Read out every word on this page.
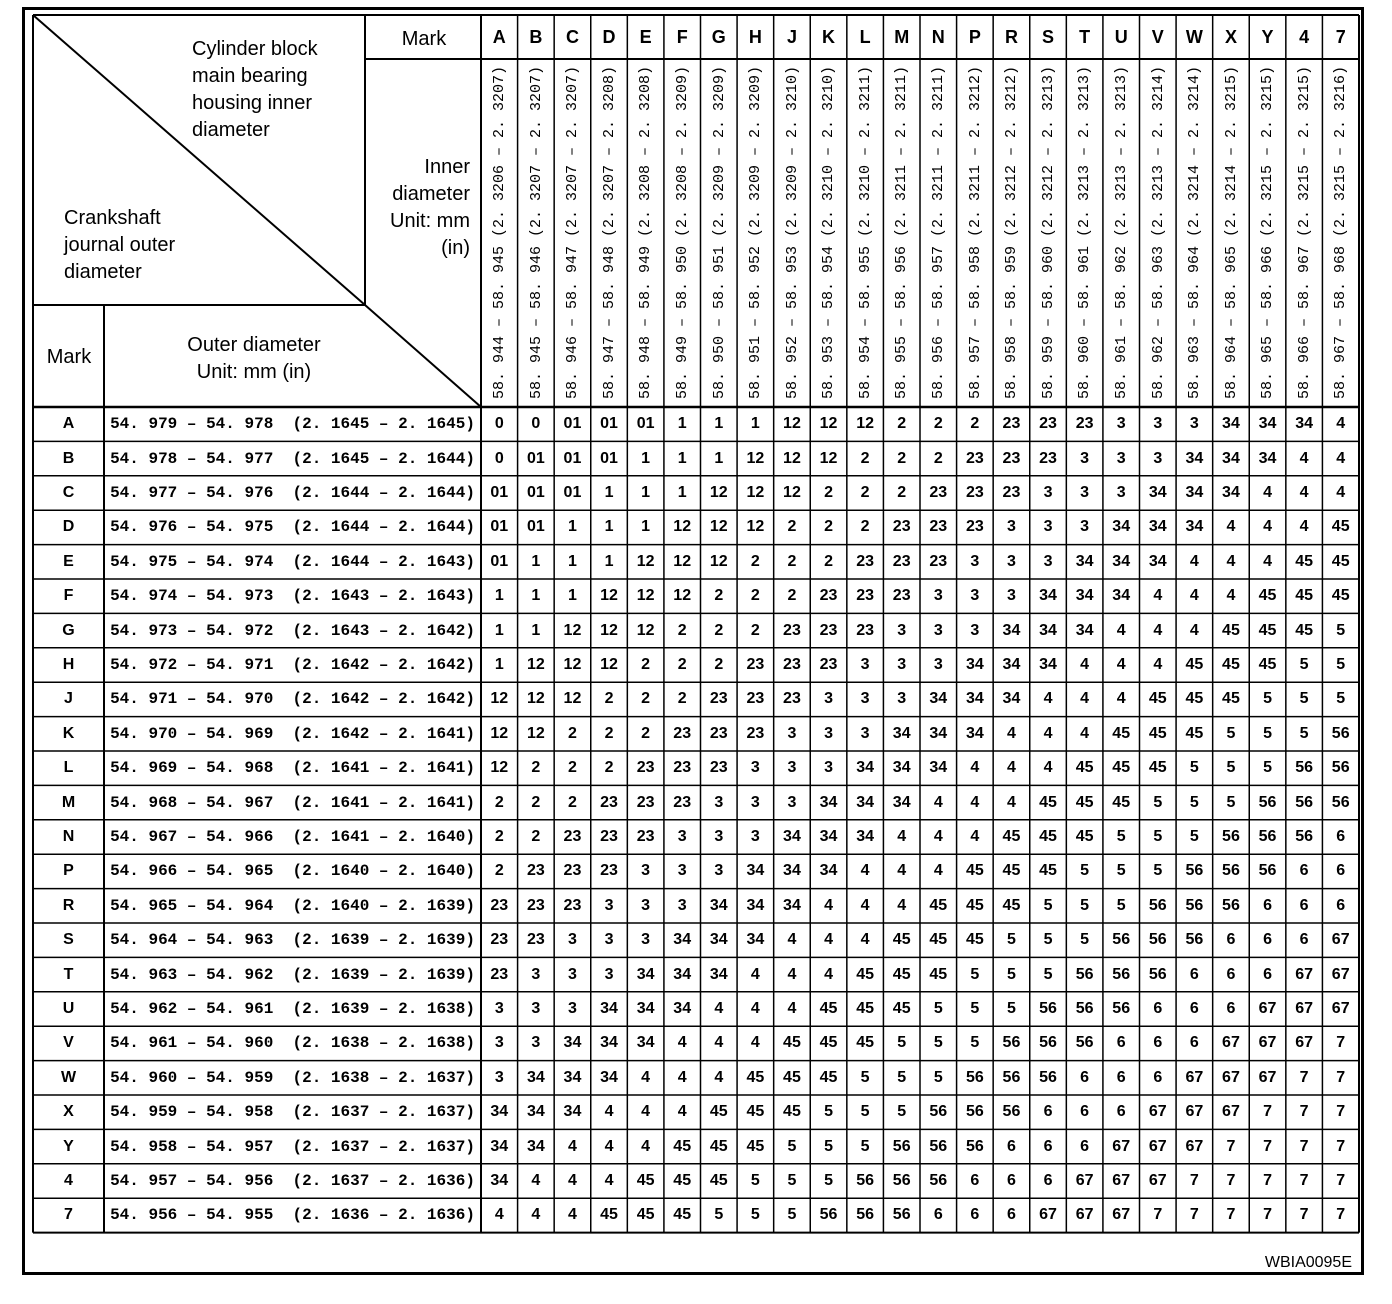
Cylinder block
main bearing
housing inner
diameter
Crankshaft
journal outer
diameter
Mark
Inner
diameter
Unit: mm
(in)
Mark
Outer diameter
Unit: mm (in)
A
58. 944 – 58. 945 (2. 3206 – 2. 3207)
B
58. 945 – 58. 946 (2. 3207 – 2. 3207)
C
58. 946 – 58. 947 (2. 3207 – 2. 3207)
D
58. 947 – 58. 948 (2. 3207 – 2. 3208)
E
58. 948 – 58. 949 (2. 3208 – 2. 3208)
F
58. 949 – 58. 950 (2. 3208 – 2. 3209)
G
58. 950 – 58. 951 (2. 3209 – 2. 3209)
H
58. 951 – 58. 952 (2. 3209 – 2. 3209)
J
58. 952 – 58. 953 (2. 3209 – 2. 3210)
K
58. 953 – 58. 954 (2. 3210 – 2. 3210)
L
58. 954 – 58. 955 (2. 3210 – 2. 3211)
M
58. 955 – 58. 956 (2. 3211 – 2. 3211)
N
58. 956 – 58. 957 (2. 3211 – 2. 3211)
P
58. 957 – 58. 958 (2. 3211 – 2. 3212)
R
58. 958 – 58. 959 (2. 3212 – 2. 3212)
S
58. 959 – 58. 960 (2. 3212 – 2. 3213)
T
58. 960 – 58. 961 (2. 3213 – 2. 3213)
U
58. 961 – 58. 962 (2. 3213 – 2. 3213)
V
58. 962 – 58. 963 (2. 3213 – 2. 3214)
W
58. 963 – 58. 964 (2. 3214 – 2. 3214)
X
58. 964 – 58. 965 (2. 3214 – 2. 3215)
Y
58. 965 – 58. 966 (2. 3215 – 2. 3215)
4
58. 966 – 58. 967 (2. 3215 – 2. 3215)
7
58. 967 – 58. 968 (2. 3215 – 2. 3216)
A	54. 979 – 54. 978  (2. 1645 – 2. 1645)	0	0	01	01	01	1	1	1	12	12	12	2	2	2	23	23	23	3	3	3	34	34	34	4
B	54. 978 – 54. 977  (2. 1645 – 2. 1644)	0	01	01	01	1	1	1	12	12	12	2	2	2	23	23	23	3	3	3	34	34	34	4	4
C	54. 977 – 54. 976  (2. 1644 – 2. 1644) 01	01	01	1	1	1	12	12	12	2	2	2	23	23	23	3	3	3	34	34	34	4	4	4
D	54. 976 – 54. 975  (2. 1644 – 2. 1644) 01	01	1	1	1	12	12	12	2	2	2	23	23	23	3	3	3	34	34	34	4	4	4	45
E	54. 975 – 54. 974  (2. 1644 – 2. 1643) 01	1	1	1	12	12	12	2	2	2	23	23	23	3	3	3	34	34	34	4	4	4	45	45
F	54. 974 – 54. 973  (2. 1643 – 2. 1643)	1	1	1	12	12	12	2	2	2	23	23	23	3	3	3	34	34	34	4	4	4	45	45	45
G	54. 973 – 54. 972  (2. 1643 – 2. 1642)	1	1	12	12	12	2	2	2	23	23	23	3	3	3	34	34	34	4	4	4	45	45	45	5
H	54. 972 – 54. 971  (2. 1642 – 2. 1642)	1	12	12	12	2	2	2	23	23	23	3	3	3	34	34	34	4	4	4	45	45	45	5	5
J	54. 971 – 54. 970  (2. 1642 – 2. 1642) 12	12	12	2	2	2	23	23	23	3	3	3	34	34	34	4	4	4	45	45	45	5	5	5
K	54. 970 – 54. 969  (2. 1642 – 2. 1641) 12	12	2	2	2	23	23	23	3	3	3	34	34	34	4	4	4	45	45	45	5	5	5	56
L	54. 969 – 54. 968  (2. 1641 – 2. 1641) 12	2	2	2	23	23	23	3	3	3	34	34	34	4	4	4	45	45	45	5	5	5	56	56
M	54. 968 – 54. 967  (2. 1641 – 2. 1641)	2	2	2	23	23	23	3	3	3	34	34	34	4	4	4	45	45	45	5	5	5	56	56	56
N	54. 967 – 54. 966  (2. 1641 – 2. 1640)	2	2	23	23	23	3	3	3	34	34	34	4	4	4	45	45	45	5	5	5	56	56	56	6
P	54. 966 – 54. 965  (2. 1640 – 2. 1640)	2	23	23	23	3	3	3	34	34	34	4	4	4	45	45	45	5	5	5	56	56	56	6	6
R	54. 965 – 54. 964  (2. 1640 – 2. 1639) 23	23	23	3	3	3	34	34	34	4	4	4	45	45	45	5	5	5	56	56	56	6	6	6
S	54. 964 – 54. 963  (2. 1639 – 2. 1639) 23	23	3	3	3	34	34	34	4	4	4	45	45	45	5	5	5	56	56	56	6	6	6	67
T	54. 963 – 54. 962  (2. 1639 – 2. 1639) 23	3	3	3	34	34	34	4	4	4	45	45	45	5	5	5	56	56	56	6	6	6	67	67
U	54. 962 – 54. 961  (2. 1639 – 2. 1638)	3	3	3	34	34	34	4	4	4	45	45	45	5	5	5	56	56	56	6	6	6	67	67	67
V	54. 961 – 54. 960  (2. 1638 – 2. 1638)	3	3	34	34	34	4	4	4	45	45	45	5	5	5	56	56	56	6	6	6	67	67	67	7
W	54. 960 – 54. 959  (2. 1638 – 2. 1637)	3	34	34	34	4	4	4	45	45	45	5	5	5	56	56	56	6	6	6	67	67	67	7	7
X	54. 959 – 54. 958  (2. 1637 – 2. 1637) 34	34	34	4	4	4	45	45	45	5	5	5	56	56	56	6	6	6	67	67	67	7	7	7
Y	54. 958 – 54. 957  (2. 1637 – 2. 1637) 34	34	4	4	4	45	45	45	5	5	5	56	56	56	6	6	6	67	67	67	7	7	7	7
4	54. 957 – 54. 956  (2. 1637 – 2. 1636) 34	4	4	4	45	45	45	5	5	5	56	56	56	6	6	6	67	67	67	7	7	7	7	7
7	54. 956 – 54. 955  (2. 1636 – 2. 1636)	4	4	4	45	45	45	5	5	5	56	56	56	6	6	6	67	67	67	7	7	7	7	7	7
WBIA0095E
